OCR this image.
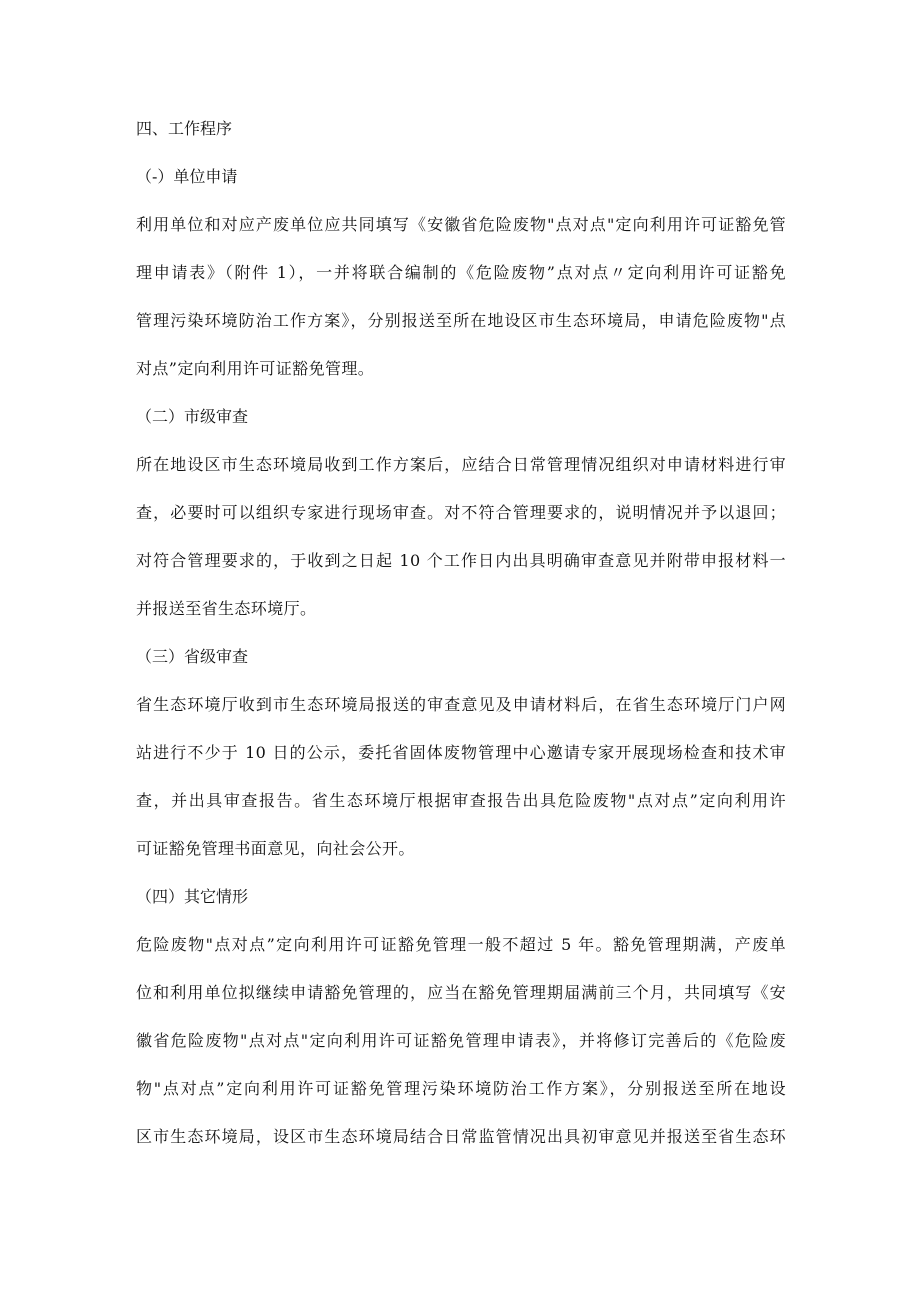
四、工作程序

（-）单位申请

利用单位和对应产废单位应共同填写《安徽省危险废物"点对点"定向利用许可证豁免管
理申请表》（附件 1），一并将联合编制的《危险废物”点对点〃定向利用许可证豁免
管理污染环境防治工作方案》，分别报送至所在地设区市生态环境局，申请危险废物"点
对点”定向利用许可证豁免管理。

（二）市级审查

所在地设区市生态环境局收到工作方案后，应结合日常管理情况组织对申请材料进行审
查，必要时可以组织专家进行现场审查。对不符合管理要求的，说明情况并予以退回；
对符合管理要求的，于收到之日起 10 个工作日内出具明确审查意见并附带申报材料一
并报送至省生态环境厅。

（三）省级审查

省生态环境厅收到市生态环境局报送的审查意见及申请材料后，在省生态环境厅门户网
站进行不少于 10 日的公示，委托省固体废物管理中心邀请专家开展现场检查和技术审
查，并出具审查报告。省生态环境厅根据审查报告出具危险废物"点对点”定向利用许
可证豁免管理书面意见，向社会公开。

（四）其它情形

危险废物"点对点”定向利用许可证豁免管理一般不超过 5 年。豁免管理期满，产废单
位和利用单位拟继续申请豁免管理的，应当在豁免管理期届满前三个月，共同填写《安
徽省危险废物"点对点"定向利用许可证豁免管理申请表》，并将修订完善后的《危险废
物"点对点”定向利用许可证豁免管理污染环境防治工作方案》，分别报送至所在地设
区市生态环境局，设区市生态环境局结合日常监管情况出具初审意见并报送至省生态环
